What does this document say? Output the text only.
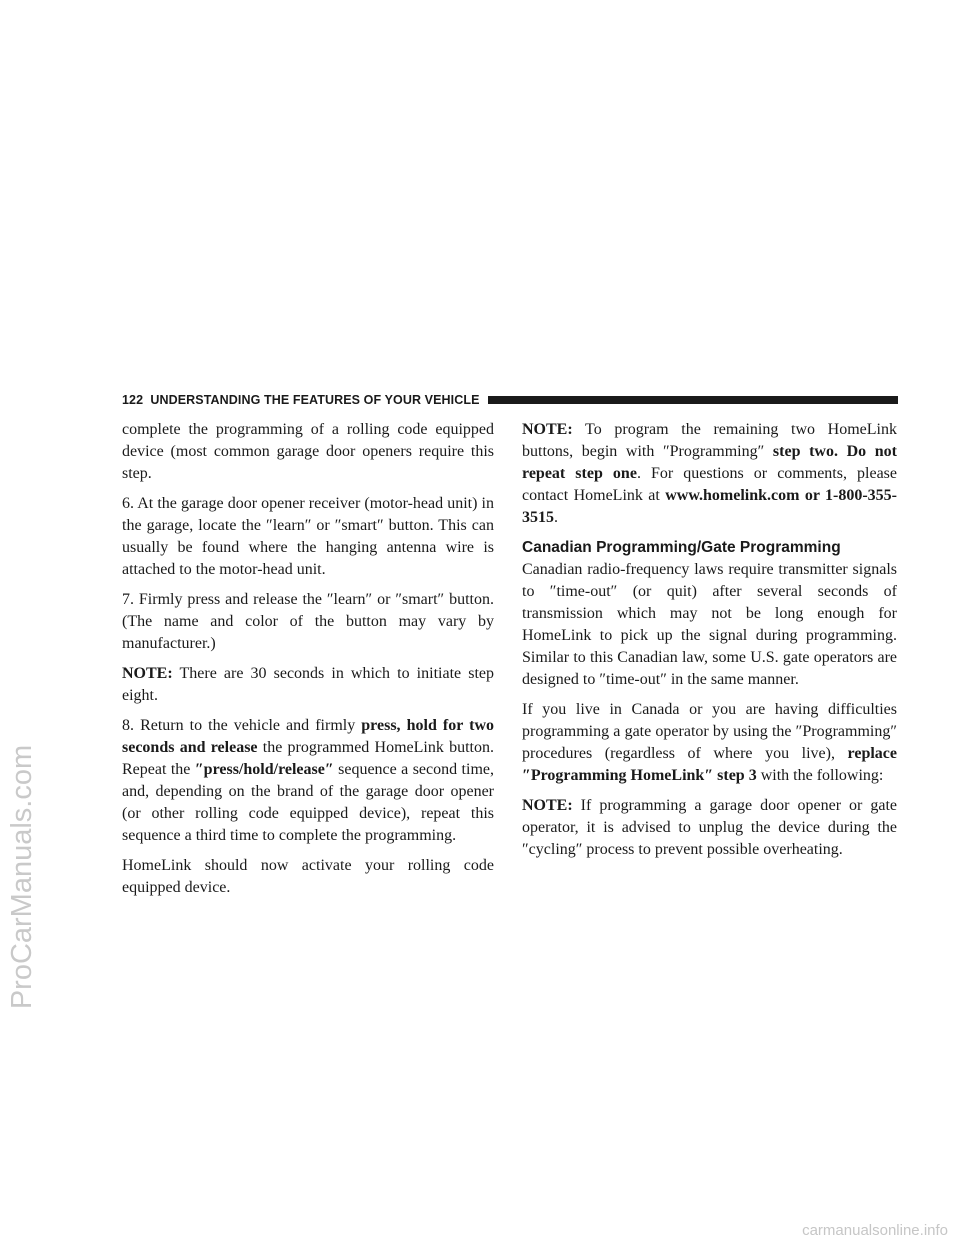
122 UNDERSTANDING THE FEATURES OF YOUR VEHICLE

complete the programming of a rolling code equipped device (most common garage door openers require this step.

6. At the garage door opener receiver (motor-head unit) in the garage, locate the ″learn″ or ″smart″ button. This can usually be found where the hanging antenna wire is attached to the motor-head unit.

7. Firmly press and release the ″learn″ or ″smart″ button. (The name and color of the button may vary by manufacturer.)

NOTE: There are 30 seconds in which to initiate step eight.

8. Return to the vehicle and firmly press, hold for two seconds and release the programmed HomeLink button. Repeat the ″press/hold/release″ sequence a second time, and, depending on the brand of the garage door opener (or other rolling code equipped device), repeat this sequence a third time to complete the programming.

HomeLink should now activate your rolling code equipped device.

NOTE: To program the remaining two HomeLink buttons, begin with ″Programming″ step two. Do not repeat step one. For questions or comments, please contact HomeLink at www.homelink.com or 1-800-355-3515.

Canadian Programming/Gate Programming

Canadian radio-frequency laws require transmitter signals to ″time-out″ (or quit) after several seconds of transmission which may not be long enough for HomeLink to pick up the signal during programming. Similar to this Canadian law, some U.S. gate operators are designed to ″time-out″ in the same manner.

If you live in Canada or you are having difficulties programming a gate operator by using the ″Programming″ procedures (regardless of where you live), replace ″Programming HomeLink″ step 3 with the following:

NOTE: If programming a garage door opener or gate operator, it is advised to unplug the device during the ″cycling″ process to prevent possible overheating.

ProCarManuals.com
carmanualsonline.info
